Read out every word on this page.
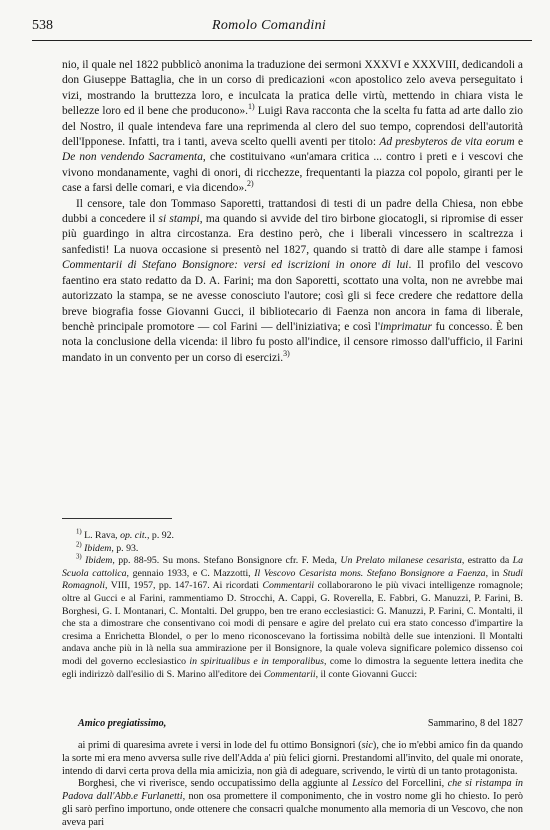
538	Romolo Comandini

nio, il quale nel 1822 pubblicò anonima la traduzione dei sermoni XXXVI e XXXVIII, dedicandoli a don Giuseppe Battaglia, che in un corso di predicazioni «con apostolico zelo aveva perseguitato i vizi, mostrando la bruttezza loro, e inculcata la pratica delle virtù, mettendo in chiara vista le bellezze loro ed il bene che producono».$^{1)}$ Luigi Rava racconta che la scelta fu fatta ad arte dallo zio del Nostro, il quale intendeva fare una reprimenda al clero del suo tempo, coprendosi dell'autorità dell'Ipponese. Infatti, tra i tanti, aveva scelto quelli aventi per titolo: Ad presbyteros de vita eorum e De non vendendo Sacramenta, che costituivano «un'amara critica ... contro i preti e i vescovi che vivono mondanamente, vaghi di onori, di ricchezze, frequentanti la piazza col popolo, giranti per le case a farsi delle comari, e via dicendo».$^{2)}$

Il censore, tale don Tommaso Saporetti, trattandosi di testi di un padre della Chiesa, non ebbe dubbi a concedere il si stampi, ma quando si avvide del tiro birbone giocatogli, si ripromise di esser più guardingo in altra circostanza. Era destino però, che i liberali vincessero in scaltrezza i sanfedisti! La nuova occasione si presentò nel 1827, quando si trattò di dare alle stampe i famosi Commentarii di Stefano Bonsignore: versi ed iscrizioni in onore di lui. Il profilo del vescovo faentino era stato redatto da D. A. Farini; ma don Saporetti, scottato una volta, non ne avrebbe mai autorizzato la stampa, se ne avesse conosciuto l'autore; così gli si fece credere che redattore della breve biografia fosse Giovanni Gucci, il bibliotecario di Faenza non ancora in fama di liberale, benchè principale promotore — col Farini — dell'iniziativa; e così l'imprimatur fu concesso. È ben nota la conclusione della vicenda: il libro fu posto all'indice, il censore rimosso dall'ufficio, il Farini mandato in un convento per un corso di esercizi.$^{3)}$

$^{1)}$ L. Rava, op. cit., p. 92.

$^{2)}$ Ibidem, p. 93.

$^{3)}$ Ibidem, pp. 88-95. Su mons. Stefano Bonsignore cfr. F. Meda, Un Prelato milanese cesarista, estratto da La Scuola cattolica, gennaio 1933, e C. Mazzotti, Il Vescovo Cesarista mons. Stefano Bonsignore a Faenza, in Studi Romagnoli, VIII, 1957, pp. 147-167. Ai ricordati Commentarii collaborarono le più vivaci intelligenze romagnole; oltre al Gucci e al Farini, rammentiamo D. Strocchi, A. Cappi, G. Roverella, E. Fabbri, G. Manuzzi, P. Farini, B. Borghesi, G. I. Montanari, C. Montalti. Del gruppo, ben tre erano ecclesiastici: G. Manuzzi, P. Farini, C. Montalti, il che sta a dimostrare che consentivano coi modi di pensare e agire del prelato cui era stato concesso d'impartire la cresima a Enrichetta Blondel, o per lo meno riconoscevano la fortissima nobiltà delle sue intenzioni. Il Montalti andava anche più in là nella sua ammirazione per il Bonsignore, la quale voleva significare polemico dissenso coi modi del governo ecclesiastico in spiritualibus e in temporalibus, come lo dimostra la seguente lettera inedita che egli indirizzò dall'esilio di S. Marino all'editore dei Commentarii, il conte Giovanni Gucci:

Amico pregiatissimo,	Sammarino, 8 del 1827

ai primi di quaresima avrete i versi in lode del fu ottimo Bonsignori (sic), che io m'ebbi amico fin da quando la sorte mi era meno avversa sulle rive dell'Adda a' più felici giorni. Prestandomi all'invito, del quale mi onorate, intendo di darvi certa prova della mia amicizia, non già di adeguare, scrivendo, le virtù di un tanto protagonista.

Borghesi, che vi riverisce, sendo occupatissimo della aggiunte al Lessico del Forcellini, che si ristampa in Padova dall'Abb.e Furlanetti, non osa promettere il componimento, che in vostro nome gli ho chiesto. Io però gli sarò perfino importuno, onde ottenere che consacri qualche monumento alla memoria di un Vescovo, che non aveva pari
